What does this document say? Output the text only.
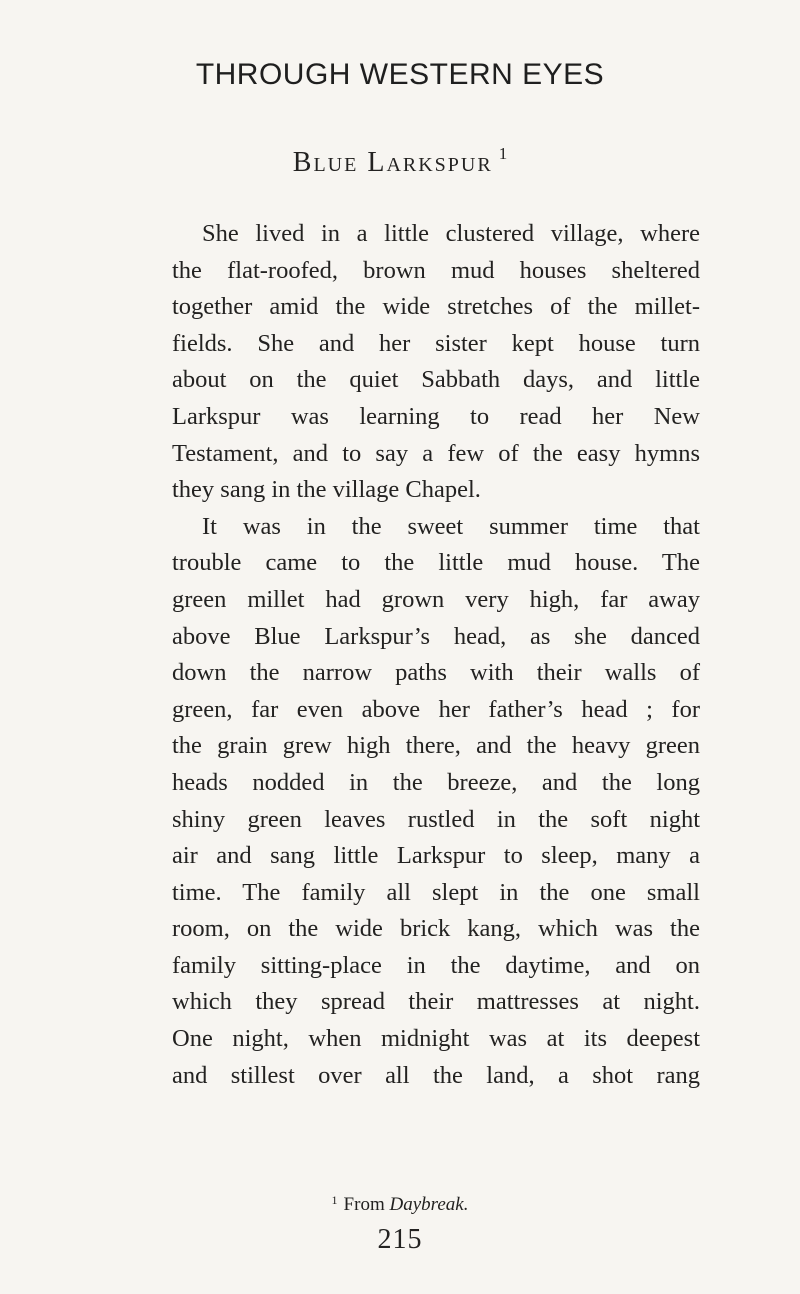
THROUGH WESTERN EYES
Blue Larkspur $^1$
She lived in a little clustered village, where
the flat-roofed, brown mud houses sheltered
together amid the wide stretches of the millet-
fields. She and her sister kept house turn
about on the quiet Sabbath days, and little
Larkspur was learning to read her New
Testament, and to say a few of the easy hymns
they sang in the village Chapel.
It was in the sweet summer time that
trouble came to the little mud house. The
green millet had grown very high, far away
above Blue Larkspur’s head, as she danced
down the narrow paths with their walls of
green, far even above her father’s head ; for
the grain grew high there, and the heavy green
heads nodded in the breeze, and the long
shiny green leaves rustled in the soft night
air and sang little Larkspur to sleep, many a
time. The family all slept in the one small
room, on the wide brick kang, which was the
family sitting-place in the daytime, and on
which they spread their mattresses at night.
One night, when midnight was at its deepest
and stillest over all the land, a shot rang
$^1$ From Daybreak.
215
